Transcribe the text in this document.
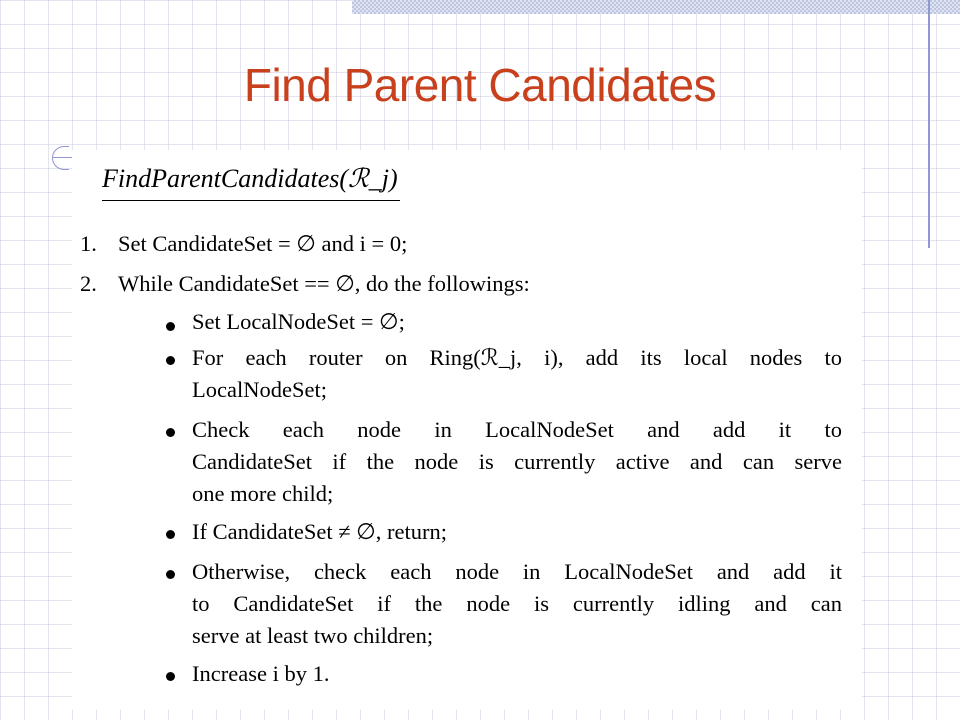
Find Parent Candidates
FindParentCandidates(ℛ_j)
1. Set CandidateSet = ∅ and i = 0;
2. While CandidateSet == ∅, do the followings:
Set LocalNodeSet = ∅;
For each router on Ring(ℛ_j, i), add its local nodes to
LocalNodeSet;
Check each node in LocalNodeSet and add it to
CandidateSet if the node is currently active and can serve
one more child;
If CandidateSet ≠ ∅, return;
Otherwise, check each node in LocalNodeSet and add it
to CandidateSet if the node is currently idling and can
serve at least two children;
Increase i by 1.
